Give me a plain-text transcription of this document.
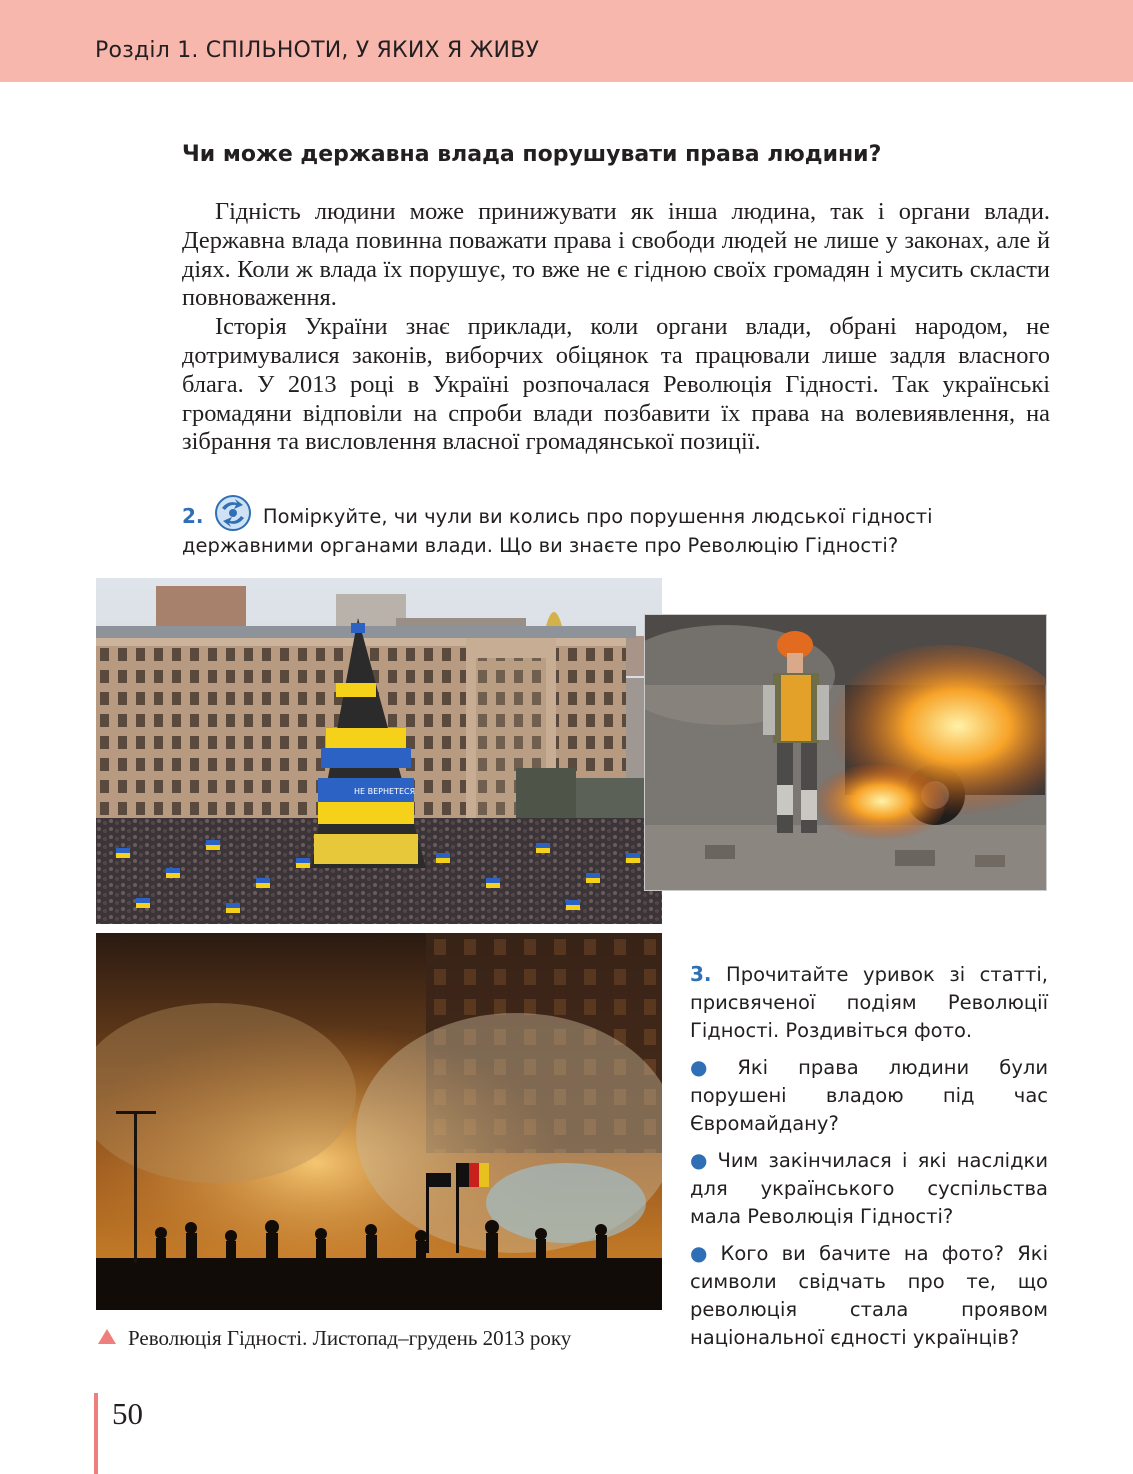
Розділ 1. СПІЛЬНОТИ, У ЯКИХ Я ЖИВУ
Чи може державна влада порушувати права людини?

Гідність людини може принижувати як інша людина, так і органи влади. Державна влада повинна поважати права і свободи людей не лише у законах, але й діях. Коли ж влада їх порушує, то вже не є гідною своїх громадян і мусить скласти повноваження.

Історія України знає приклади, коли органи влади, обрані народом, не дотримувалися законів, виборчих обіцянок та працювали лише задля власного блага. У 2013 році в Україні розпочалася Революція Гідності. Так українські громадяни відповіли на спроби влади позбавити їх права на волевиявлення, на зібрання та висловлення власної громадянської позиції.

2.	Поміркуйте, чи чули ви колись про порушення людської гідності державними органами влади. Що ви знаєте про Революцію Гідності?
НЕ ВЕРНЕТЕСЯ
Революція Гідності. Листопад–грудень 2013 року

3. Прочитайте уривок зі статті, присвяченої подіям Революції Гідності. Роздивіться фото.

● Які права людини були порушені владою під час Євромайдану?

● Чим закінчилася і які наслідки для українського суспільства мала Революція Гідності?

● Кого ви бачите на фото? Які символи свідчать про те, що революція стала проявом національної єдності українців?

50
